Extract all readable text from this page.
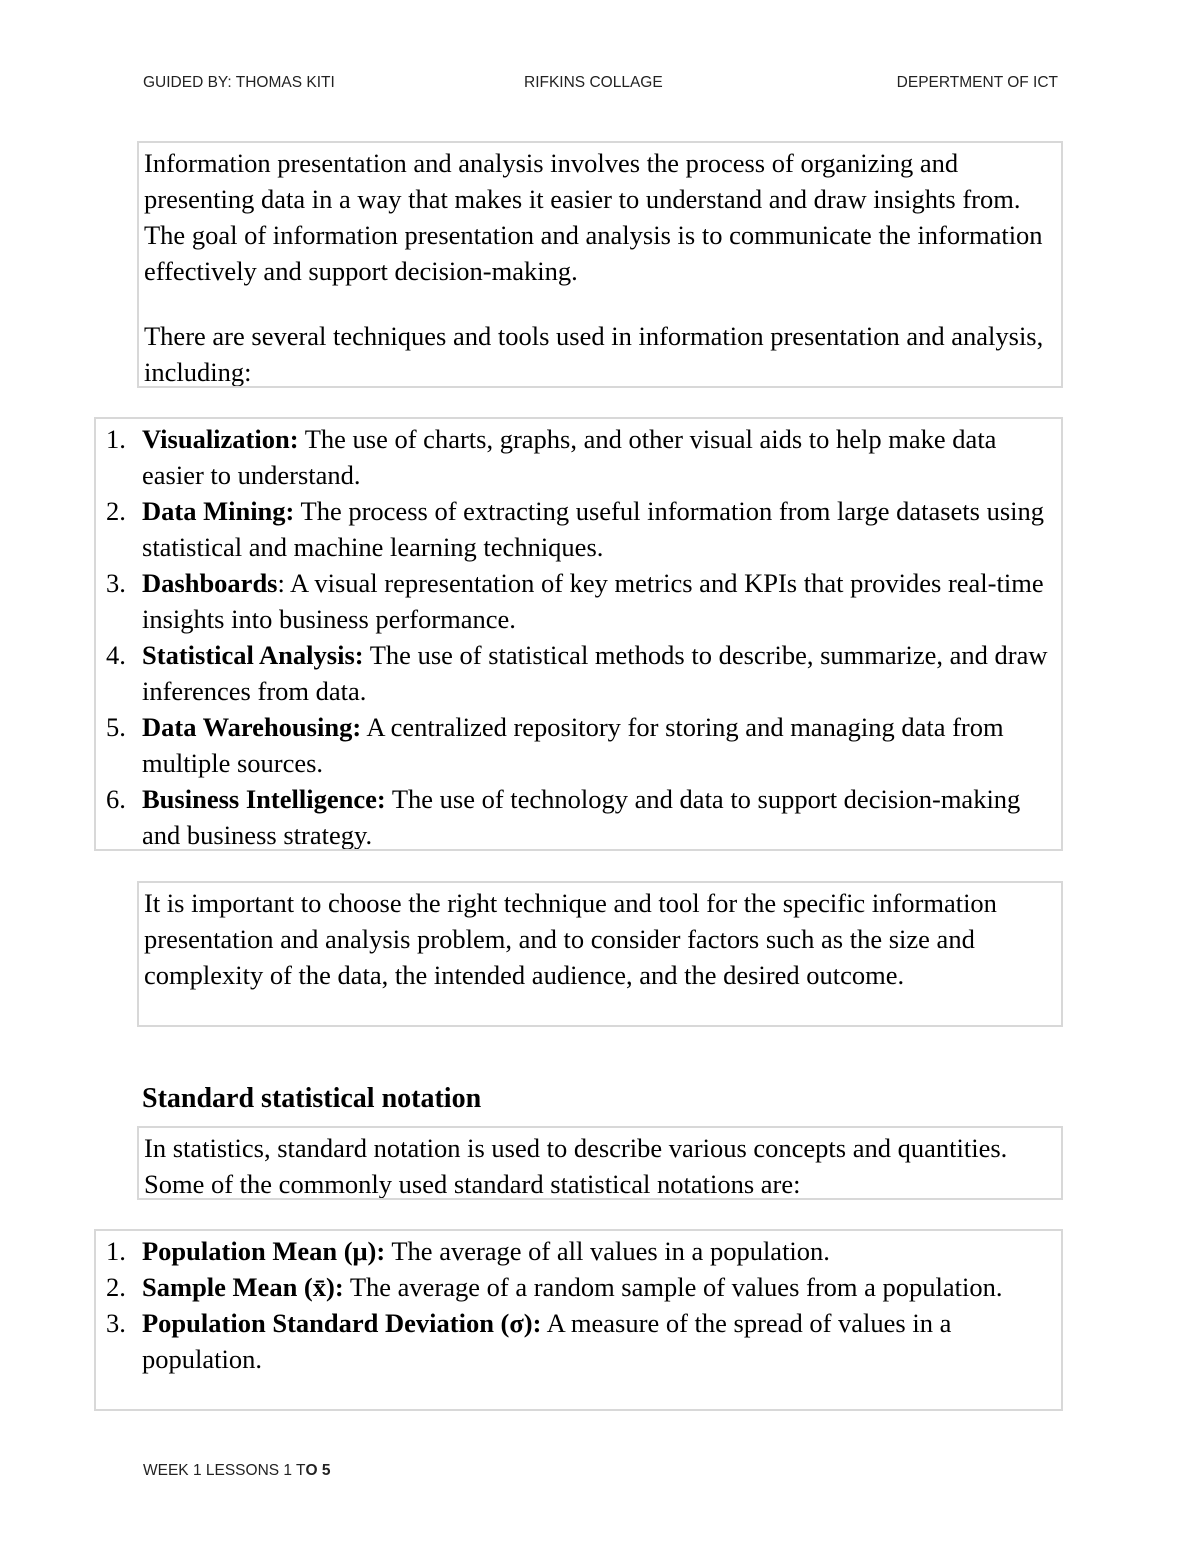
GUIDED BY: THOMAS KITI	RIFKINS COLLAGE	DEPERTMENT OF ICT

Information presentation and analysis involves the process of organizing and presenting data in a way that makes it easier to understand and draw insights from. The goal of information presentation and analysis is to communicate the information effectively and support decision-making.

There are several techniques and tools used in information presentation and analysis, including:

1. Visualization: The use of charts, graphs, and other visual aids to help make data easier to understand.
2. Data Mining: The process of extracting useful information from large datasets using statistical and machine learning techniques.
3. Dashboards: A visual representation of key metrics and KPIs that provides real-time insights into business performance.
4. Statistical Analysis: The use of statistical methods to describe, summarize, and draw inferences from data.
5. Data Warehousing: A centralized repository for storing and managing data from multiple sources.
6. Business Intelligence: The use of technology and data to support decision-making and business strategy.

It is important to choose the right technique and tool for the specific information presentation and analysis problem, and to consider factors such as the size and complexity of the data, the intended audience, and the desired outcome.

Standard statistical notation

In statistics, standard notation is used to describe various concepts and quantities. Some of the commonly used standard statistical notations are:

1. Population Mean (μ): The average of all values in a population.
2. Sample Mean (x̄): The average of a random sample of values from a population.
3. Population Standard Deviation (σ): A measure of the spread of values in a population.
WEEK 1 LESSONS 1 TO 5
